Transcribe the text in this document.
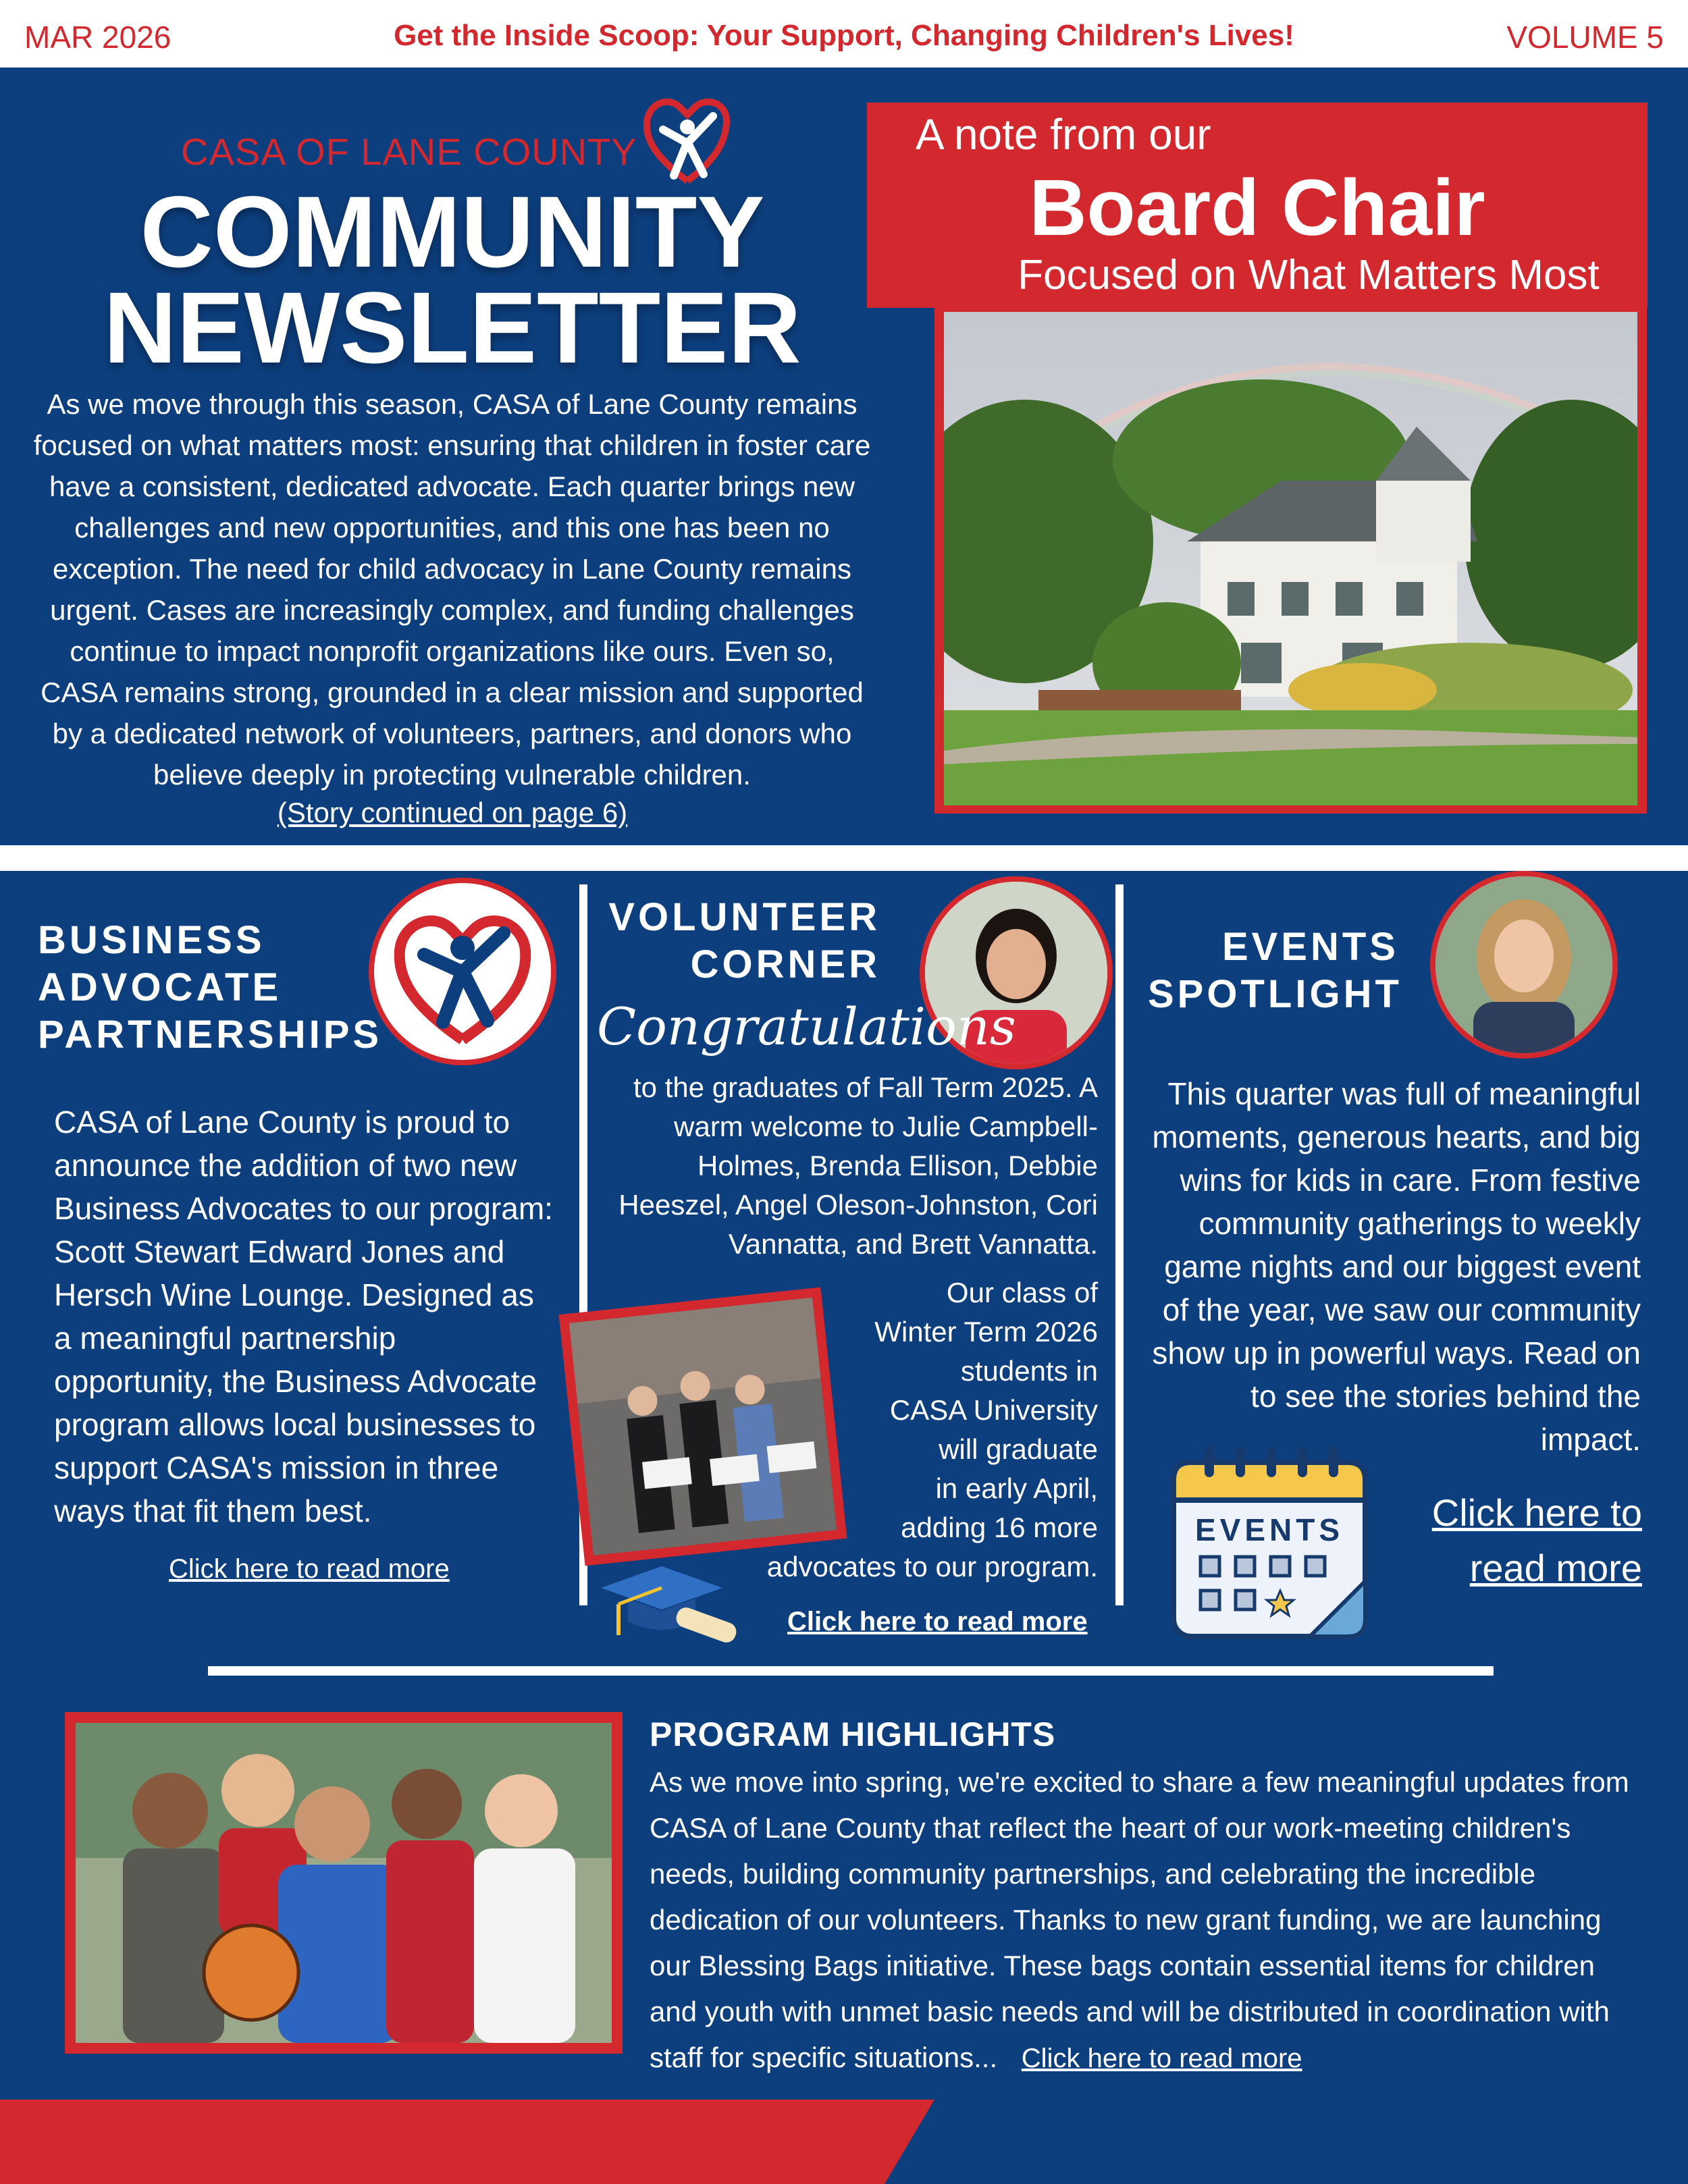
MAR 2026	Get the Inside Scoop: Your Support, Changing Children's Lives!	VOLUME 5
CASA OF LANE COUNTY
COMMUNITY
NEWSLETTER
As we move through this season, CASA of Lane County remains focused on what matters most: ensuring that children in foster care have a consistent, dedicated advocate. Each quarter brings new challenges and new opportunities, and this one has been no exception. The need for child advocacy in Lane County remains urgent. Cases are increasingly complex, and funding challenges continue to impact nonprofit organizations like ours. Even so, CASA remains strong, grounded in a clear mission and supported by a dedicated network of volunteers, partners, and donors who believe deeply in protecting vulnerable children.
(Story continued on page 6)
A note from our
Board Chair
Focused on What Matters Most
BUSINESS
ADVOCATE
PARTNERSHIPS
CASA of Lane County is proud to announce the addition of two new Business Advocates to our program: Scott Stewart Edward Jones and Hersch Wine Lounge. Designed as a meaningful partnership opportunity, the Business Advocate program allows local businesses to support CASA's mission in three ways that fit them best.
Click here to read more
VOLUNTEER
CORNER
Congratulations
to the graduates of Fall Term 2025. A warm welcome to Julie Campbell-Holmes, Brenda Ellison, Debbie Heeszel, Angel Oleson-Johnston, Cori Vannatta, and Brett Vannatta.
Our class of
Winter Term 2026
students in
CASA University
will graduate
in early April,
adding 16 more
advocates to our program.
Click here to read more
EVENTS
SPOTLIGHT
This quarter was full of meaningful moments, generous hearts, and big wins for kids in care. From festive community gatherings to weekly game nights and our biggest event of the year, we saw our community show up in powerful ways. Read on to see the stories behind the impact.
EVENTS	Click here to
read more
PROGRAM HIGHLIGHTS
As we move into spring, we're excited to share a few meaningful updates from CASA of Lane County that reflect the heart of our work-meeting children's needs, building community partnerships, and celebrating the incredible dedication of our volunteers. Thanks to new grant funding, we are launching our Blessing Bags initiative. These bags contain essential items for children and youth with unmet basic needs and will be distributed in coordination with staff for specific situations... Click here to read more
